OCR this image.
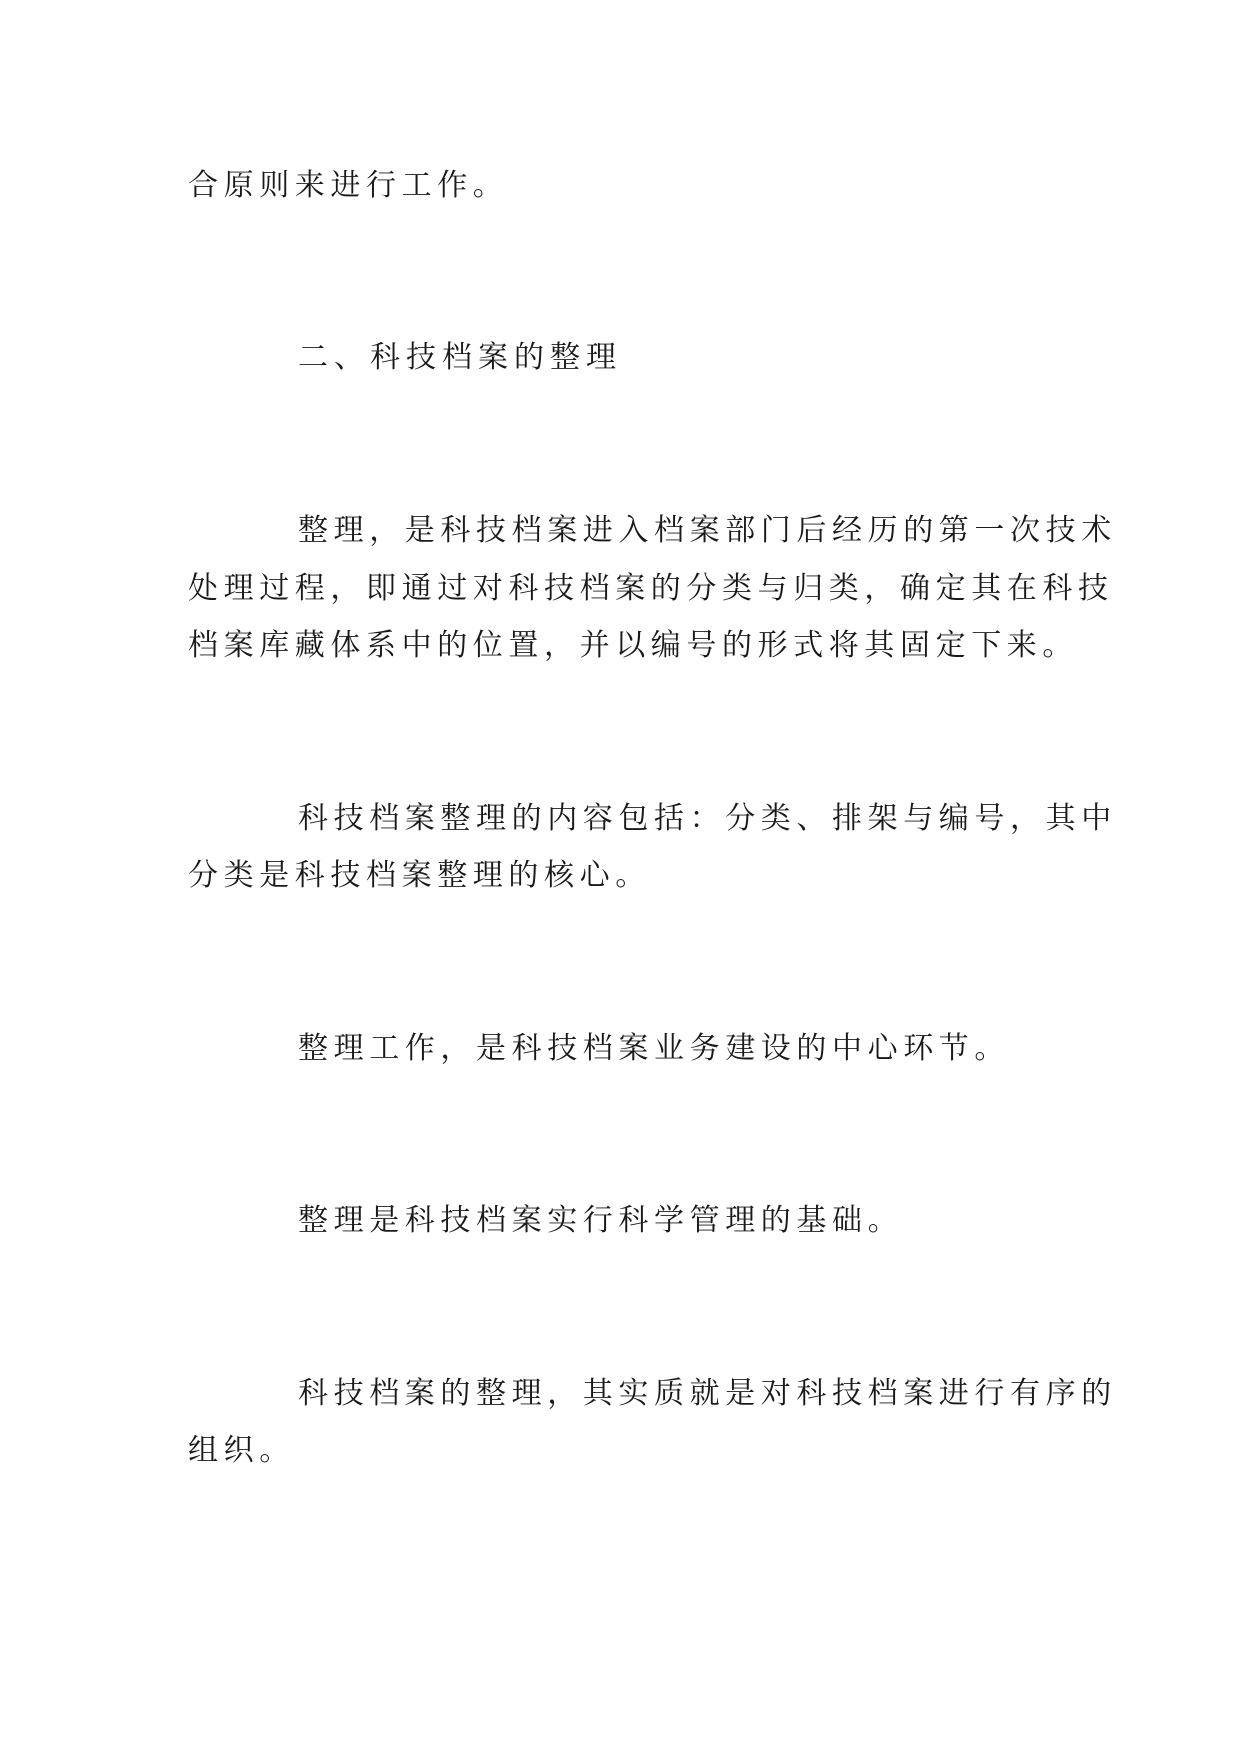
合原则来进行工作。
二、科技档案的整理
整理，是科技档案进入档案部门后经历的第一次技术
处理过程，即通过对科技档案的分类与归类，确定其在科技
档案库藏体系中的位置，并以编号的形式将其固定下来。
科技档案整理的内容包括：分类、排架与编号，其中
分类是科技档案整理的核心。
整理工作，是科技档案业务建设的中心环节。
整理是科技档案实行科学管理的基础。
科技档案的整理，其实质就是对科技档案进行有序的
组织。
